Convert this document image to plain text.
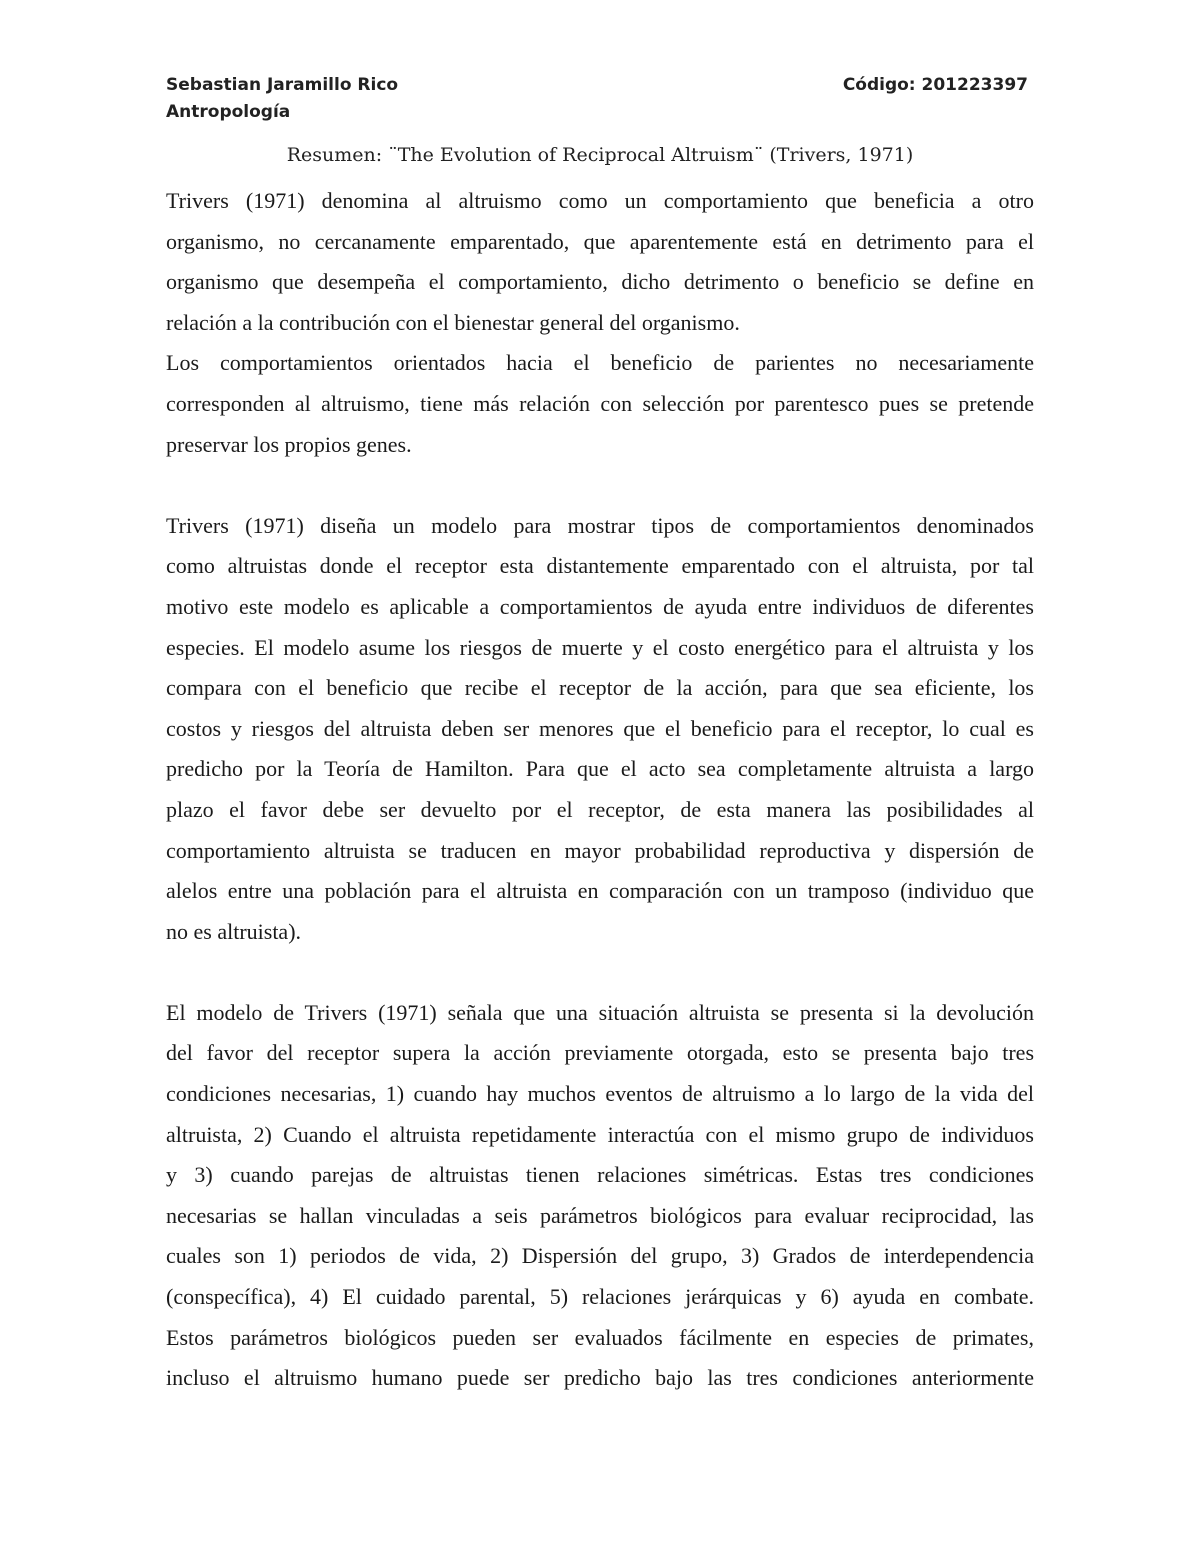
Sebastian Jaramillo Rico	Código: 201223397
Antropología
Resumen: ¨The Evolution of Reciprocal Altruism¨ (Trivers, 1971)
Trivers (1971) denomina al altruismo como un comportamiento que beneficia a otro
organismo, no cercanamente emparentado, que aparentemente está en detrimento para el
organismo que desempeña el comportamiento, dicho detrimento o beneficio se define en
relación a la contribución con el bienestar general del organismo.
Los comportamientos orientados hacia el beneficio de parientes no necesariamente
corresponden al altruismo, tiene más relación con selección por parentesco pues se pretende
preservar los propios genes.
Trivers (1971) diseña un modelo para mostrar tipos de comportamientos denominados
como altruistas donde el receptor esta distantemente emparentado con el altruista, por tal
motivo este modelo es aplicable a comportamientos de ayuda entre individuos de diferentes
especies. El modelo asume los riesgos de muerte y el costo energético para el altruista y los
compara con el beneficio que recibe el receptor de la acción, para que sea eficiente, los
costos y riesgos del altruista deben ser menores que el beneficio para el receptor, lo cual es
predicho por la Teoría de Hamilton. Para que el acto sea completamente altruista a largo
plazo el favor debe ser devuelto por el receptor, de esta manera las posibilidades al
comportamiento altruista se traducen en mayor probabilidad reproductiva y dispersión de
alelos entre una población para el altruista en comparación con un tramposo (individuo que
no es altruista).
El modelo de Trivers (1971) señala que una situación altruista se presenta si la devolución
del favor del receptor supera la acción previamente otorgada, esto se presenta bajo tres
condiciones necesarias, 1) cuando hay muchos eventos de altruismo a lo largo de la vida del
altruista, 2) Cuando el altruista repetidamente interactúa con el mismo grupo de individuos
y 3) cuando parejas de altruistas tienen relaciones simétricas. Estas tres condiciones
necesarias se hallan vinculadas a seis parámetros biológicos para evaluar reciprocidad, las
cuales son 1) periodos de vida, 2) Dispersión del grupo, 3) Grados de interdependencia
(conspecífica), 4) El cuidado parental, 5) relaciones jerárquicas y 6) ayuda en combate.
Estos parámetros biológicos pueden ser evaluados fácilmente en especies de primates,
incluso el altruismo humano puede ser predicho bajo las tres condiciones anteriormente
